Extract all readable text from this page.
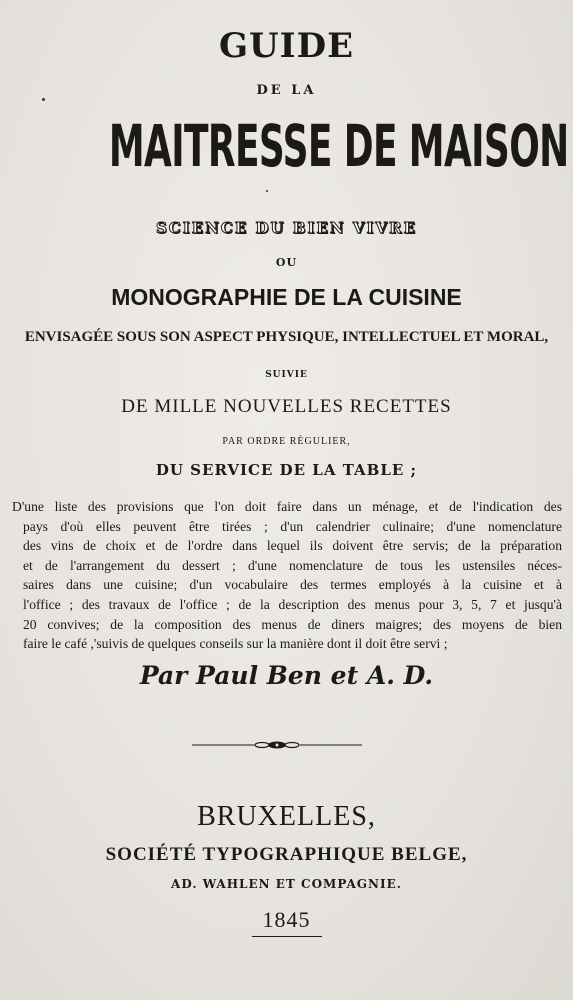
GUIDE
DE LA
MAITRESSE DE MAISON
SCIENCE DU BIEN VIVRE
OU
MONOGRAPHIE DE LA CUISINE
ENVISAGÉE SOUS SON ASPECT PHYSIQUE, INTELLECTUEL ET MORAL,
SUIVIE
DE MILLE NOUVELLES RECETTES
PAR ORDRE RÉGULIER,
DU SERVICE DE LA TABLE ;
D'une liste des provisions que l'on doit faire dans un ménage, et de l'indication des
pays d'où elles peuvent être tirées ; d'un calendrier culinaire; d'une nomenclature
des vins de choix et de l'ordre dans lequel ils doivent être servis; de la préparation
et de l'arrangement du dessert ; d'une nomenclature de tous les ustensiles néces-
saires dans une cuisine; d'un vocabulaire des termes employés à la cuisine et à
l'office ; des travaux de l'office ; de la description des menus pour 3, 5, 7 et jusqu'à
20 convives; de la composition des menus de diners maigres; des moyens de bien
faire le café ,'suivis de quelques conseils sur la manière dont il doit être servi ;
Par Paul Ben et A. D.
BRUXELLES,
SOCIÉTÉ TYPOGRAPHIQUE BELGE,
AD. WAHLEN ET COMPAGNIE.
1845
